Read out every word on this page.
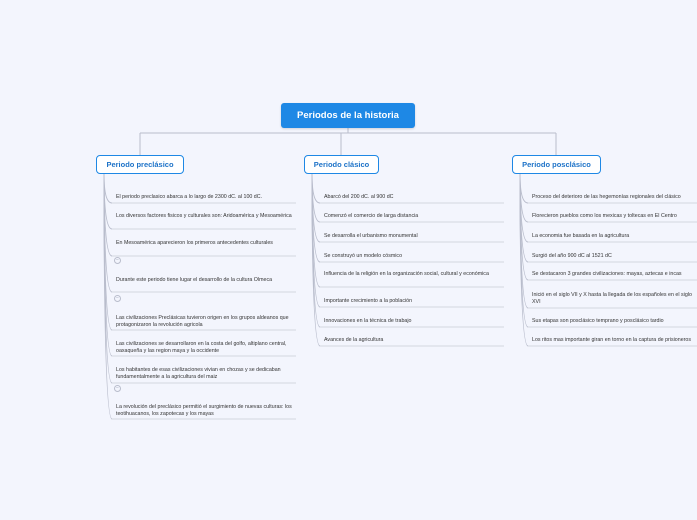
Periodos de la historia
Periodo preclásico	Periodo clásico	Periodo posclásico
El periodo preclasico abarca a lo largo de 2300 dC. al 100 dC.
Los diversos factores fisicos y culturales son: Aridoamérica y Mesoamérica
En Mesoamérica aparecieron los primeros antecedentes culturales
Durante este periodo tiene lugar el desarrollo de la cultura Olmeca
Las civilizaciones Preclásicas tuvieron origen en los grupos aldeanos que protagonizaron la revolución agricola
Las civilizaciones se desarrollaron en la costa del golfo, altiplano central, oaxaqueña y las region maya y la occidente
Los habitantes de esas civilizaciones vivian en chozas y se dedicaban fundamentalmente a la agricultura del maiz
La revolución del preclásico permitió el surgimiento de nuevas culturas: los teotihuacanos, los zapotecas y los mayas
−
−
−
Abarcó del 200 dC. al 900 dC
Comenzó el comercio de larga distancia
Se desarrolla el urbanismo monumental
Se construyó un modelo cósmico
Influencia de la religión en la organización social, cultural y económica
Importante crecimiento a la población
Innovaciones en la técnica de trabajo
Avances de la agricultura
Proceso del deterioro de las hegemonías regionales del clásico
Florecieron pueblos como los mexicas y toltecas en El Centro
La economia fue basada en la agricultura
Surgió del año 900 dC al 1521 dC
Se destacaron 3 grandes civilizaciones: mayas, aztecas e incas
Inició en el siglo VII y X hasta la llegada de los españoles en el siglo XVI
Sus etapas son posclásico temprano y posclásico tardio
Los ritos mas importante giran en torno en la captura de prisioneros
